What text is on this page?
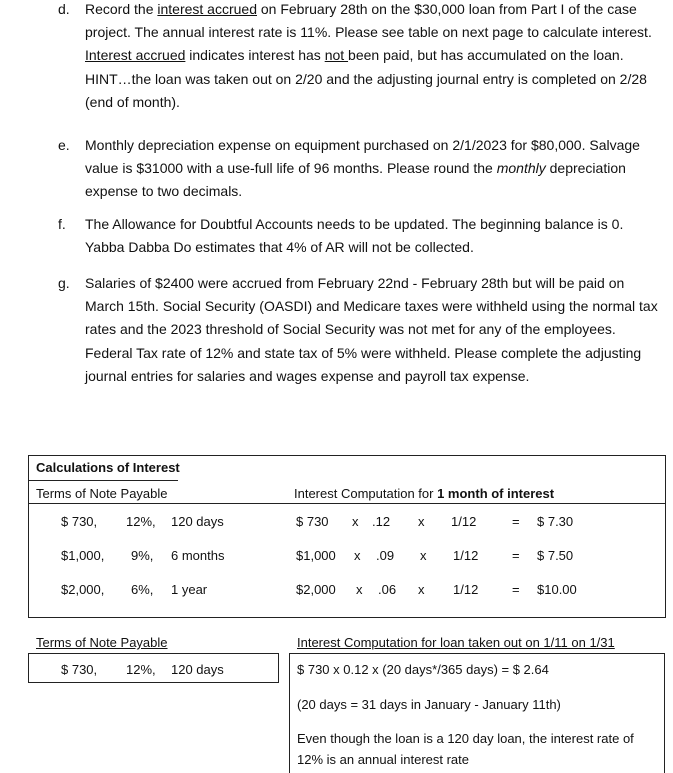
d. Record the interest accrued on February 28th on the $30,000 loan from Part I of the case project. The annual interest rate is 11%. Please see table on next page to calculate interest. Interest accrued indicates interest has not been paid, but has accumulated on the loan. HINT…the loan was taken out on 2/20 and the adjusting journal entry is completed on 2/28 (end of month).
e. Monthly depreciation expense on equipment purchased on 2/1/2023 for $80,000. Salvage value is $31000 with a use-full life of 96 months. Please round the monthly depreciation expense to two decimals.
f. The Allowance for Doubtful Accounts needs to be updated. The beginning balance is 0. Yabba Dabba Do estimates that 4% of AR will not be collected.
g. Salaries of $2400 were accrued from February 22nd - February 28th but will be paid on March 15th. Social Security (OASDI) and Medicare taxes were withheld using the normal tax rates and the 2023 threshold of Social Security was not met for any of the employees. Federal Tax rate of 12% and state tax of 5% were withheld. Please complete the adjusting journal entries for salaries and wages expense and payroll tax expense.
Calculations of Interest
Terms of Note Payable	Interest Computation for 1 month of interest
$ 730, 12%, 120 days	$ 730 x .12 x 1/12	= $ 7.30
$1,000, 9%, 6 months	$1,000 x .09 x 1/12	= $ 7.50
$2,000, 6%, 1 year	$2,000 x .06 x 1/12	= $10.00
Terms of Note Payable	Interest Computation for loan taken out on 1/11 on 1/31
$ 730, 12%, 120 days	$ 730 x 0.12 x (20 days*/365 days) = $ 2.64
(20 days = 31 days in January - January 11th)
Even though the loan is a 120 day loan, the interest rate of
12% is an annual interest rate
